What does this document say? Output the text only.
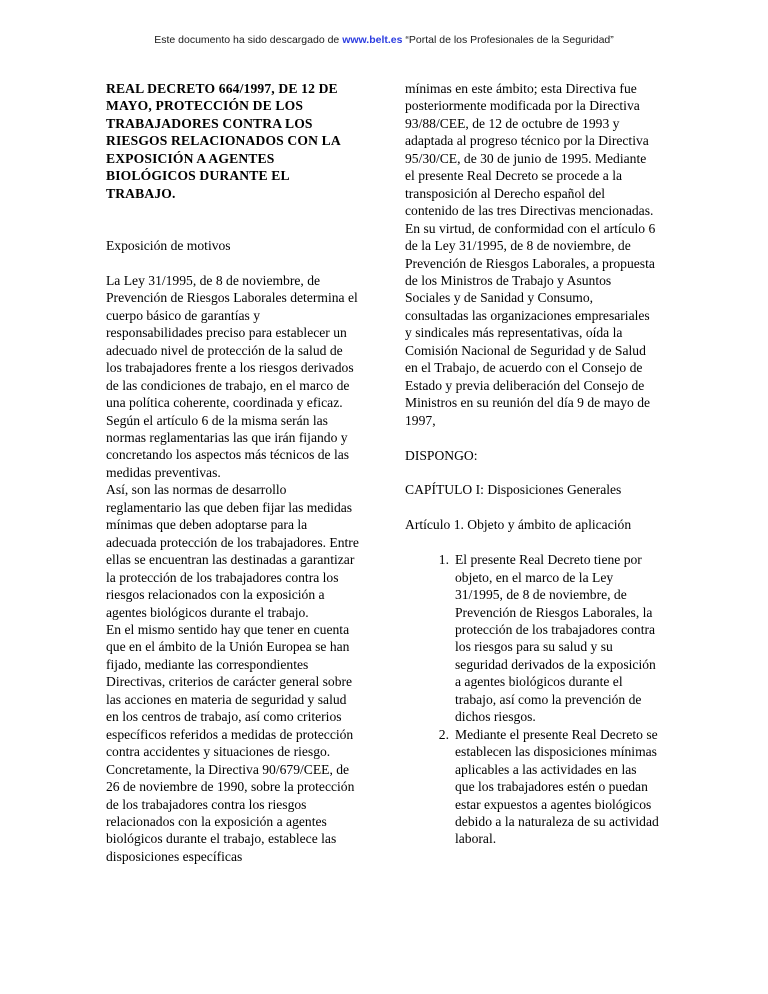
Este documento ha sido descargado de www.belt.es “Portal de los Profesionales de la Seguridad”
REAL DECRETO 664/1997, DE 12 DE MAYO, PROTECCIÓN DE LOS TRABAJADORES CONTRA LOS RIESGOS RELACIONADOS CON LA EXPOSICIÓN A AGENTES BIOLÓGICOS DURANTE EL TRABAJO.

Exposición de motivos

La Ley 31/1995, de 8 de noviembre, de Prevención de Riesgos Laborales determina el cuerpo básico de garantías y responsabilidades preciso para establecer un adecuado nivel de protección de la salud de los trabajadores frente a los riesgos derivados de las condiciones de trabajo, en el marco de una política coherente, coordinada y eficaz. Según el artículo 6 de la misma serán las normas reglamentarias las que irán fijando y concretando los aspectos más técnicos de las medidas preventivas.

Así, son las normas de desarrollo reglamentario las que deben fijar las medidas mínimas que deben adoptarse para la adecuada protección de los trabajadores. Entre ellas se encuentran las destinadas a garantizar la protección de los trabajadores contra los riesgos relacionados con la exposición a agentes biológicos durante el trabajo.

En el mismo sentido hay que tener en cuenta que en el ámbito de la Unión Europea se han fijado, mediante las correspondientes Directivas, criterios de carácter general sobre las acciones en materia de seguridad y salud en los centros de trabajo, así como criterios específicos referidos a medidas de protección contra accidentes y situaciones de riesgo. Concretamente, la Directiva 90/679/CEE, de 26 de noviembre de 1990, sobre la protección de los trabajadores contra los riesgos relacionados con la exposición a agentes biológicos durante el trabajo, establece las disposiciones específicas

mínimas en este ámbito; esta Directiva fue posteriormente modificada por la Directiva 93/88/CEE, de 12 de octubre de 1993 y adaptada al progreso técnico por la Directiva 95/30/CE, de 30 de junio de 1995. Mediante el presente Real Decreto se procede a la transposición al Derecho español del contenido de las tres Directivas mencionadas.

En su virtud, de conformidad con el artículo 6 de la Ley 31/1995, de 8 de noviembre, de Prevención de Riesgos Laborales, a propuesta de los Ministros de Trabajo y Asuntos Sociales y de Sanidad y Consumo, consultadas las organizaciones empresariales y sindicales más representativas, oída la Comisión Nacional de Seguridad y de Salud en el Trabajo, de acuerdo con el Consejo de Estado y previa deliberación del Consejo de Ministros en su reunión del día 9 de mayo de 1997,

DISPONGO:

CAPÍTULO I: Disposiciones Generales

Artículo 1. Objeto y ámbito de aplicación

El presente Real Decreto tiene por objeto, en el marco de la Ley 31/1995, de 8 de noviembre, de Prevención de Riesgos Laborales, la protección de los trabajadores contra los riesgos para su salud y su seguridad derivados de la exposición a agentes biológicos durante el trabajo, así como la prevención de dichos riesgos.
Mediante el presente Real Decreto se establecen las disposiciones mínimas aplicables a las actividades en las que los trabajadores estén o puedan estar expuestos a agentes biológicos debido a la naturaleza de su actividad laboral.
